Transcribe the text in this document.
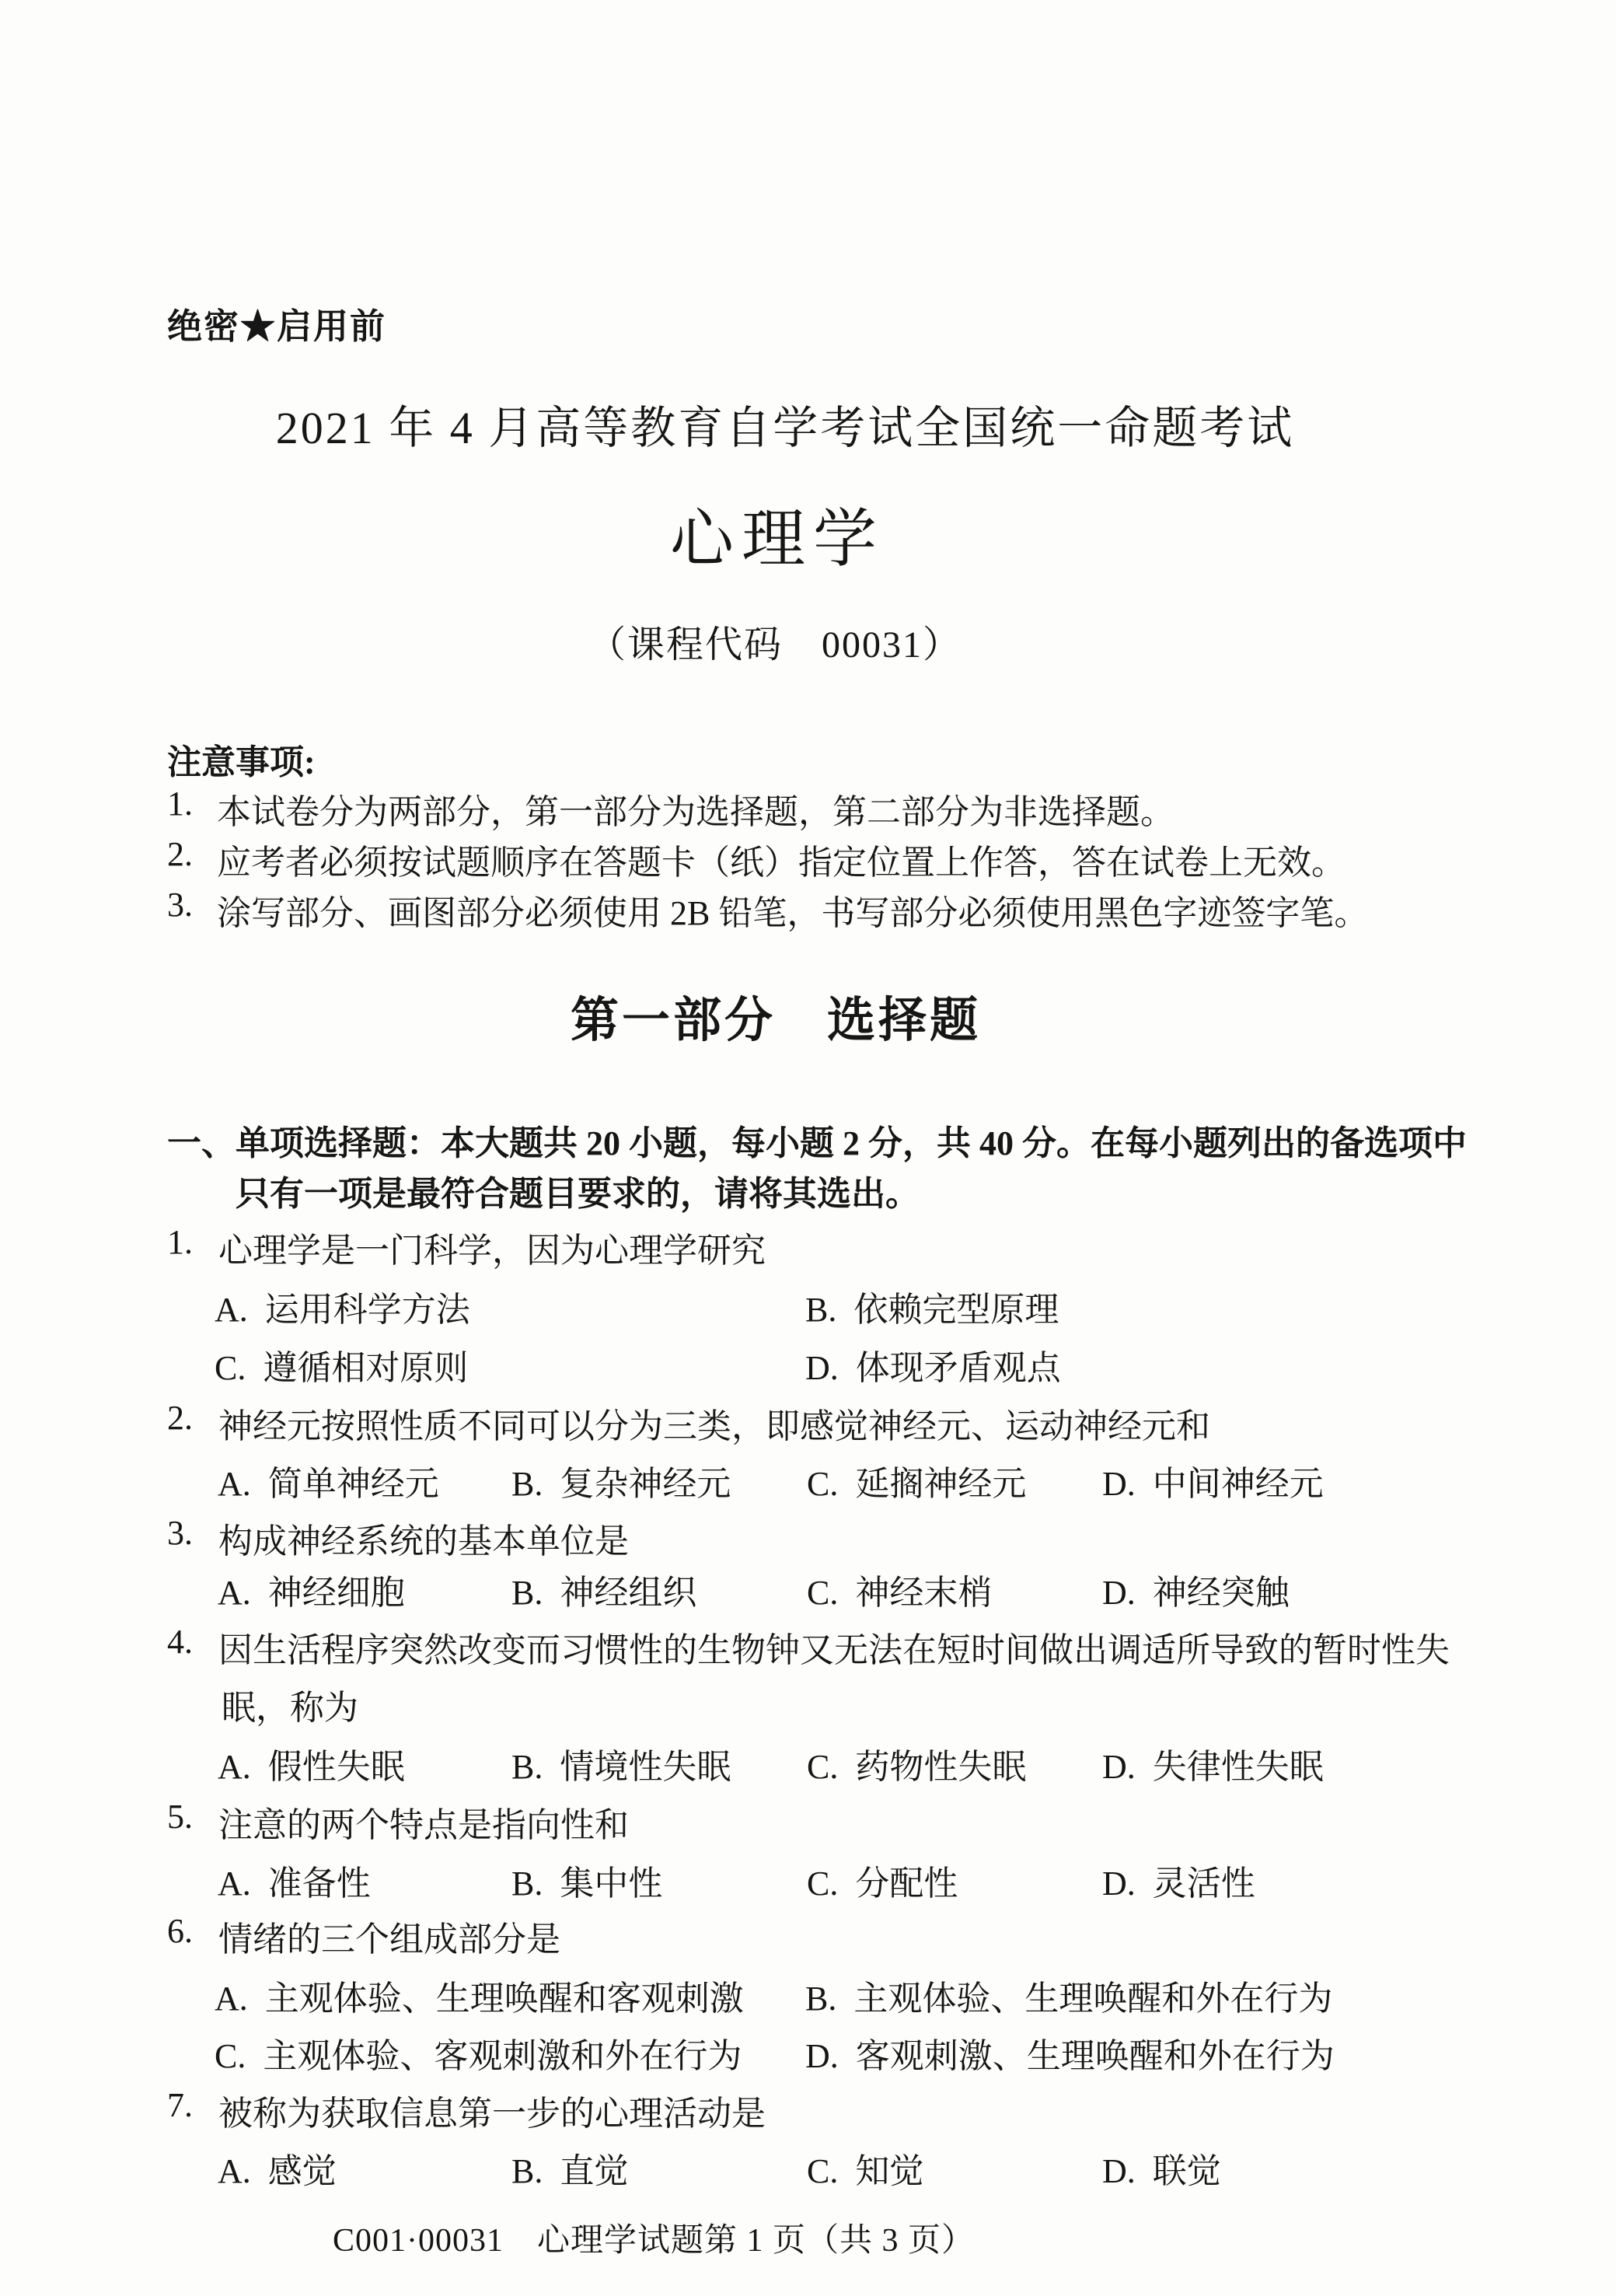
绝密★启用前
2021 年 4 月高等教育自学考试全国统一命题考试
心理学
（课程代码　00031）
注意事项:
1. 本试卷分为两部分，第一部分为选择题，第二部分为非选择题。
2. 应考者必须按试题顺序在答题卡（纸）指定位置上作答，答在试卷上无效。
3. 涂写部分、画图部分必须使用 2B 铅笔，书写部分必须使用黑色字迹签字笔。
第一部分　选择题
一、单项选择题：本大题共 20 小题，每小题 2 分，共 40 分。在每小题列出的备选项中
只有一项是最符合题目要求的，请将其选出。
1. 心理学是一门科学，因为心理学研究
A. 运用科学方法	B. 依赖完型原理
C. 遵循相对原则	D. 体现矛盾观点
2. 神经元按照性质不同可以分为三类，即感觉神经元、运动神经元和
A. 简单神经元 B. 复杂神经元 C. 延搁神经元 D. 中间神经元
3. 构成神经系统的基本单位是
A. 神经细胞	B. 神经组织	C. 神经末梢	D. 神经突触
4. 因生活程序突然改变而习惯性的生物钟又无法在短时间做出调适所导致的暂时性失
眠，称为
A. 假性失眠	B. 情境性失眠 C. 药物性失眠 D. 失律性失眠
5. 注意的两个特点是指向性和
A. 准备性	B. 集中性	C. 分配性	D. 灵活性
6. 情绪的三个组成部分是
A. 主观体验、生理唤醒和客观刺激 B. 主观体验、生理唤醒和外在行为
C. 主观体验、客观刺激和外在行为 D. 客观刺激、生理唤醒和外在行为
7. 被称为获取信息第一步的心理活动是
A. 感觉	B. 直觉	C. 知觉	D. 联觉
C001·00031　心理学试题第 1 页（共 3 页）
